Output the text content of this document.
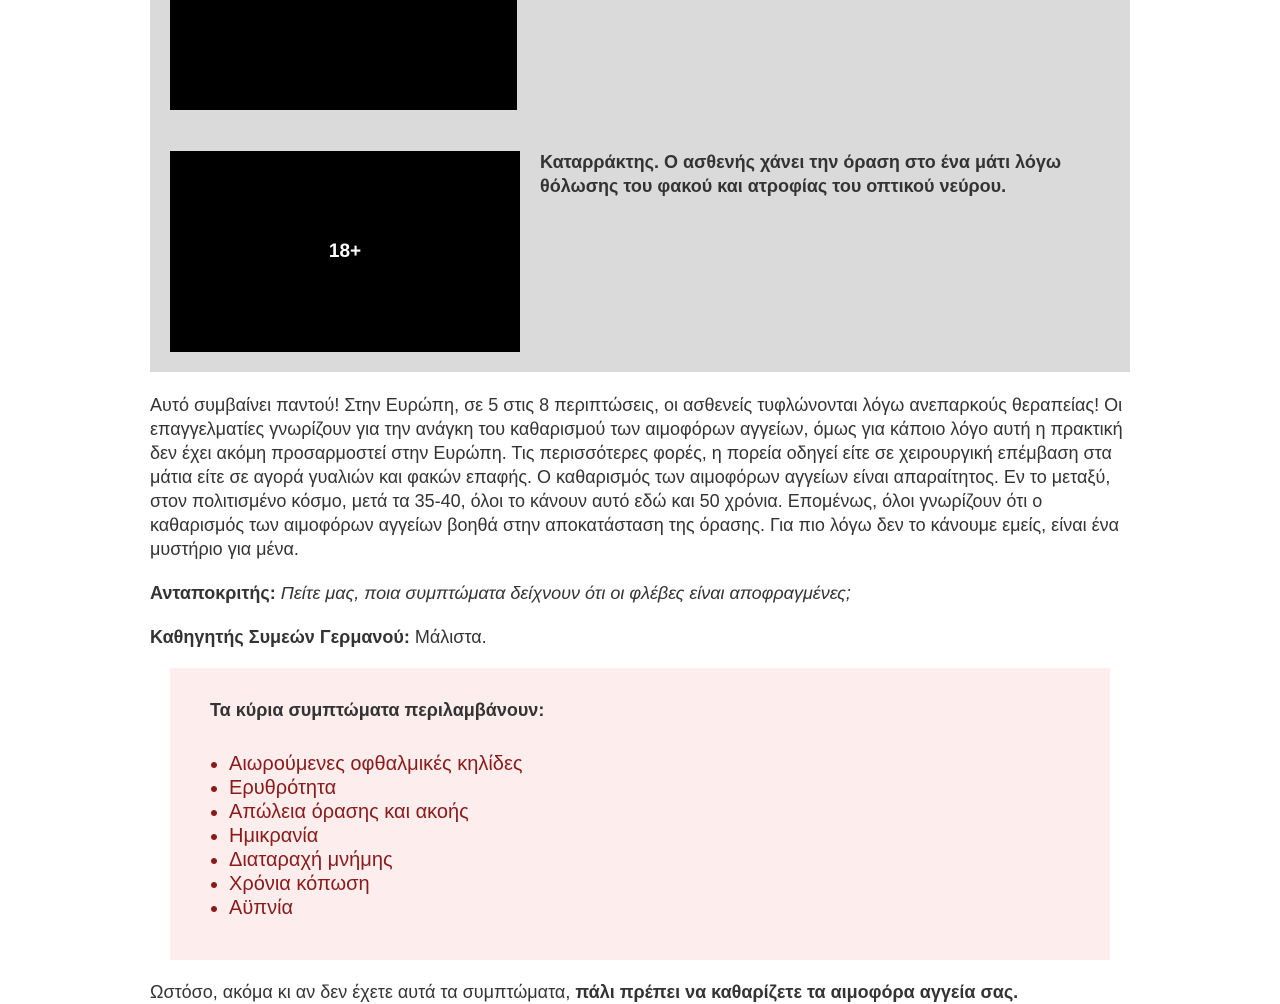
18+
Καταρράκτης. Ο ασθενής χάνει την όραση στο ένα μάτι λόγω θόλωσης του φακού και ατροφίας του οπτικού νεύρου.

Αυτό συμβαίνει παντού! Στην Ευρώπη, σε 5 στις 8 περιπτώσεις, οι ασθενείς τυφλώνονται λόγω ανεπαρκούς θεραπείας! Οι επαγγελματίες γνωρίζουν για την ανάγκη του καθαρισμού των αιμοφόρων αγγείων, όμως για κάποιο λόγο αυτή η πρακτική δεν έχει ακόμη προσαρμοστεί στην Ευρώπη. Τις περισσότερες φορές, η πορεία οδηγεί είτε σε χειρουργική επέμβαση στα μάτια είτε σε αγορά γυαλιών και φακών επαφής. Ο καθαρισμός των αιμοφόρων αγγείων είναι απαραίτητος. Εν το μεταξύ, στον πολιτισμένο κόσμο, μετά τα 35-40, όλοι το κάνουν αυτό εδώ και 50 χρόνια. Επομένως, όλοι γνωρίζουν ότι ο καθαρισμός των αιμοφόρων αγγείων βοηθά στην αποκατάσταση της όρασης. Για πιο λόγω δεν το κάνουμε εμείς, είναι ένα μυστήριο για μένα.

Ανταποκριτής: Πείτε μας, ποια συμπτώματα δείχνουν ότι οι φλέβες είναι αποφραγμένες;

Καθηγητής Συμεών Γερμανού: Μάλιστα.

Τα κύρια συμπτώματα περιλαμβάνουν:
• Αιωρούμενες οφθαλμικές κηλίδες
• Ερυθρότητα
• Απώλεια όρασης και ακοής
• Ημικρανία
• Διαταραχή μνήμης
• Χρόνια κόπωση
• Αϋπνία

Ωστόσο, ακόμα κι αν δεν έχετε αυτά τα συμπτώματα, πάλι πρέπει να καθαρίζετε τα αιμοφόρα αγγεία σας.
